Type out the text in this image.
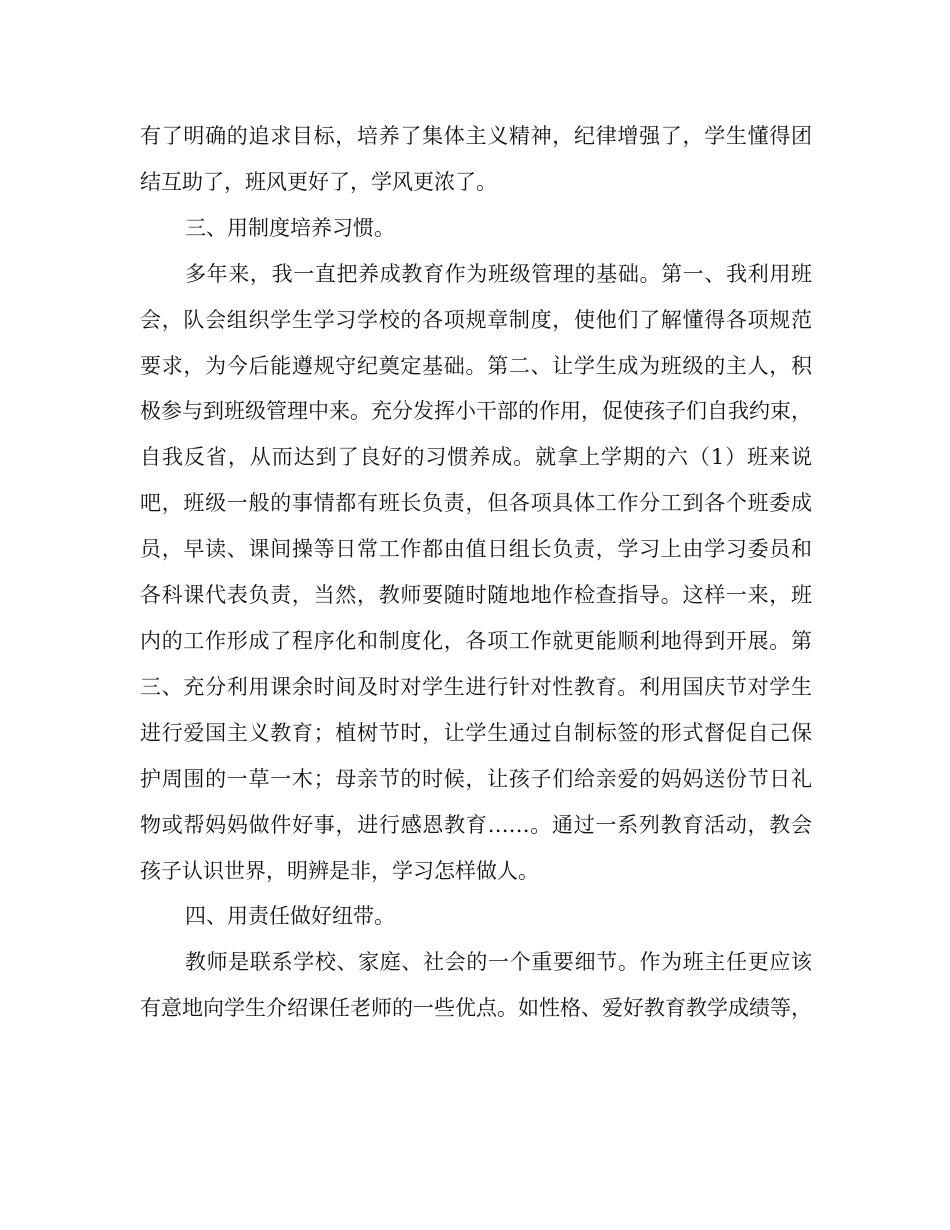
有了明确的追求目标，培养了集体主义精神，纪律增强了，学生懂得团
结互助了，班风更好了，学风更浓了。

三、用制度培养习惯。

多年来，我一直把养成教育作为班级管理的基础。第一、我利用班
会，队会组织学生学习学校的各项规章制度，使他们了解懂得各项规范
要求，为今后能遵规守纪奠定基础。第二、让学生成为班级的主人，积
极参与到班级管理中来。充分发挥小干部的作用，促使孩子们自我约束，
自我反省，从而达到了良好的习惯养成。就拿上学期的六（1）班来说
吧，班级一般的事情都有班长负责，但各项具体工作分工到各个班委成
员，早读、课间操等日常工作都由值日组长负责，学习上由学习委员和
各科课代表负责，当然，教师要随时随地地作检查指导。这样一来，班
内的工作形成了程序化和制度化，各项工作就更能顺利地得到开展。第
三、充分利用课余时间及时对学生进行针对性教育。利用国庆节对学生
进行爱国主义教育；植树节时，让学生通过自制标签的形式督促自己保
护周围的一草一木；母亲节的时候，让孩子们给亲爱的妈妈送份节日礼
物或帮妈妈做件好事，进行感恩教育……。通过一系列教育活动，教会
孩子认识世界，明辨是非，学习怎样做人。

四、用责任做好纽带。

教师是联系学校、家庭、社会的一个重要细节。作为班主任更应该
有意地向学生介绍课任老师的一些优点。如性格、爱好教育教学成绩等，
